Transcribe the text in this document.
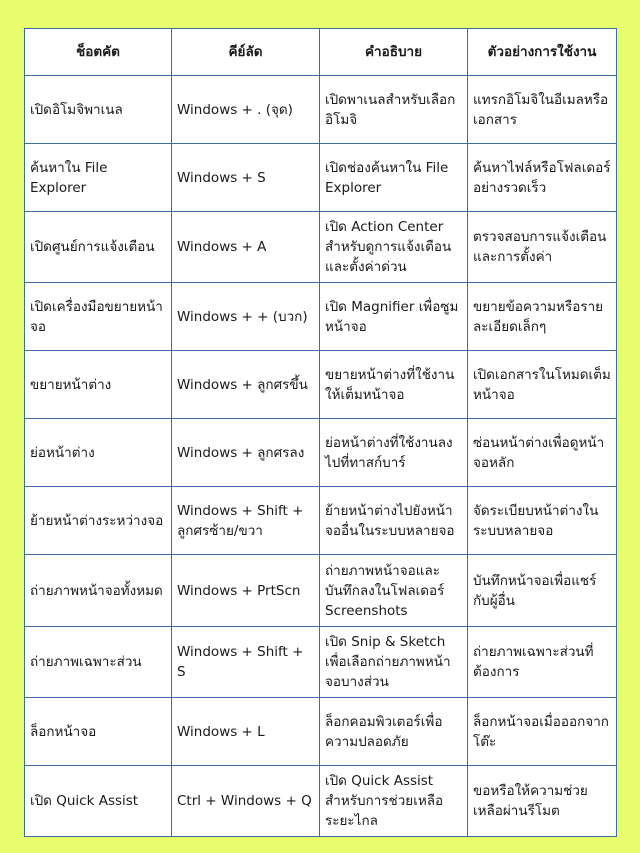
ช็อตคัต	คีย์ลัด	คำอธิบาย	ตัวอย่างการใช้งาน
เปิดอิโมจิพาเนล	Windows + . (จุด)	เปิดพาเนลสำหรับเลือกอิโมจิ	แทรกอิโมจิในอีเมลหรือเอกสาร
ค้นหาใน File Explorer	Windows + S	เปิดช่องค้นหาใน File Explorer	ค้นหาไฟล์หรือโฟลเดอร์อย่างรวดเร็ว
เปิดศูนย์การแจ้งเตือน	Windows + A	เปิด Action Center สำหรับดูการแจ้งเตือนและตั้งค่าด่วน	ตรวจสอบการแจ้งเตือนและการตั้งค่า
เปิดเครื่องมือขยายหน้าจอ	Windows + + (บวก)	เปิด Magnifier เพื่อซูมหน้าจอ	ขยายข้อความหรือรายละเอียดเล็กๆ
ขยายหน้าต่าง	Windows + ลูกศรขึ้น	ขยายหน้าต่างที่ใช้งานให้เต็มหน้าจอ	เปิดเอกสารในโหมดเต็มหน้าจอ
ย่อหน้าต่าง	Windows + ลูกศรลง	ย่อหน้าต่างที่ใช้งานลงไปที่ทาสก์บาร์	ซ่อนหน้าต่างเพื่อดูหน้าจอหลัก
ย้ายหน้าต่างระหว่างจอ	Windows + Shift + ลูกศรซ้าย/ขวา	ย้ายหน้าต่างไปยังหน้าจออื่นในระบบหลายจอ	จัดระเบียบหน้าต่างในระบบหลายจอ
ถ่ายภาพหน้าจอทั้งหมด	Windows + PrtScn	ถ่ายภาพหน้าจอและบันทึกลงในโฟลเดอร์ Screenshots	บันทึกหน้าจอเพื่อแชร์กับผู้อื่น
ถ่ายภาพเฉพาะส่วน	Windows + Shift + S	เปิด Snip & Sketch เพื่อเลือกถ่ายภาพหน้าจอบางส่วน	ถ่ายภาพเฉพาะส่วนที่ต้องการ
ล็อกหน้าจอ	Windows + L	ล็อกคอมพิวเตอร์เพื่อความปลอดภัย	ล็อกหน้าจอเมื่อออกจากโต๊ะ
เปิด Quick Assist	Ctrl + Windows + Q	เปิด Quick Assist สำหรับการช่วยเหลือระยะไกล	ขอหรือให้ความช่วยเหลือผ่านรีโมต
